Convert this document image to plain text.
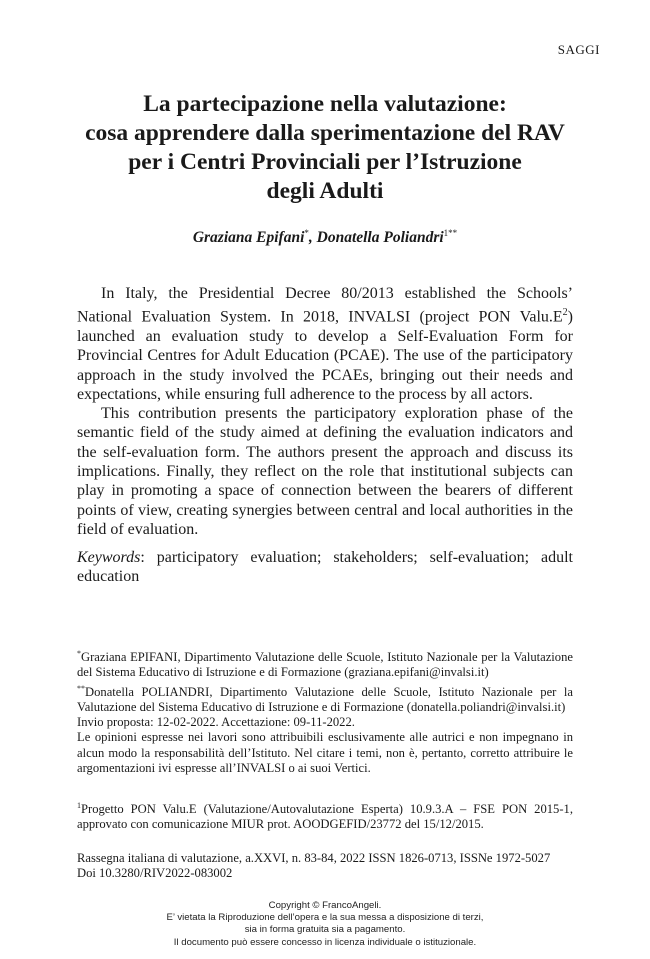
SAGGI
La partecipazione nella valutazione:
cosa apprendere dalla sperimentazione del RAV
per i Centri Provinciali per l’Istruzione
degli Adulti
Graziana Epifani*, Donatella Poliandri$^{1**}$

In Italy, the Presidential Decree 80/2013 established the Schools’ National Evaluation System. In 2018, INVALSI (project PON $Valu.E^2$) launched an evaluation study to develop a Self-Evaluation Form for Provincial Centres for Adult Education (PCAE). The use of the participatory approach in the study involved the PCAEs, bringing out their needs and expectations, while ensuring full adherence to the process by all actors.

This contribution presents the participatory exploration phase of the semantic field of the study aimed at defining the evaluation indicators and the self-evaluation form. The authors present the approach and discuss its implications. Finally, they reflect on the role that institutional subjects can play in promoting a space of connection between the bearers of different points of view, creating synergies between central and local authorities in the field of evaluation.

Keywords: participatory evaluation; stakeholders; self-evaluation; adult education

*Graziana EPIFANI, Dipartimento Valutazione delle Scuole, Istituto Nazionale per la Valutazione del Sistema Educativo di Istruzione e di Formazione (graziana.epifani@invalsi.it)

**Donatella POLIANDRI, Dipartimento Valutazione delle Scuole, Istituto Nazionale per la Valutazione del Sistema Educativo di Istruzione e di Formazione (donatella.poliandri@invalsi.it)

Invio proposta: 12-02-2022. Accettazione: 09-11-2022.

Le opinioni espresse nei lavori sono attribuibili esclusivamente alle autrici e non impegnano in alcun modo la responsabilità dell’Istituto. Nel citare i temi, non è, pertanto, corretto attribuire le argomentazioni ivi espresse all’INVALSI o ai suoi Vertici.

$^1$Progetto PON Valu.E (Valutazione/Autovalutazione Esperta) 10.9.3.A – FSE PON 2015-1, approvato con comunicazione MIUR prot. AOODGEFID/23772 del 15/12/2015.
Rassegna italiana di valutazione, a.XXVI, n. 83-84, 2022 ISSN 1826-0713, ISSNe 1972-5027
Doi 10.3280/RIV2022-083002
Copyright © FrancoAngeli.
E’ vietata la Riproduzione dell’opera e la sua messa a disposizione di terzi,
sia in forma gratuita sia a pagamento.
Il documento può essere concesso in licenza individuale o istituzionale.
